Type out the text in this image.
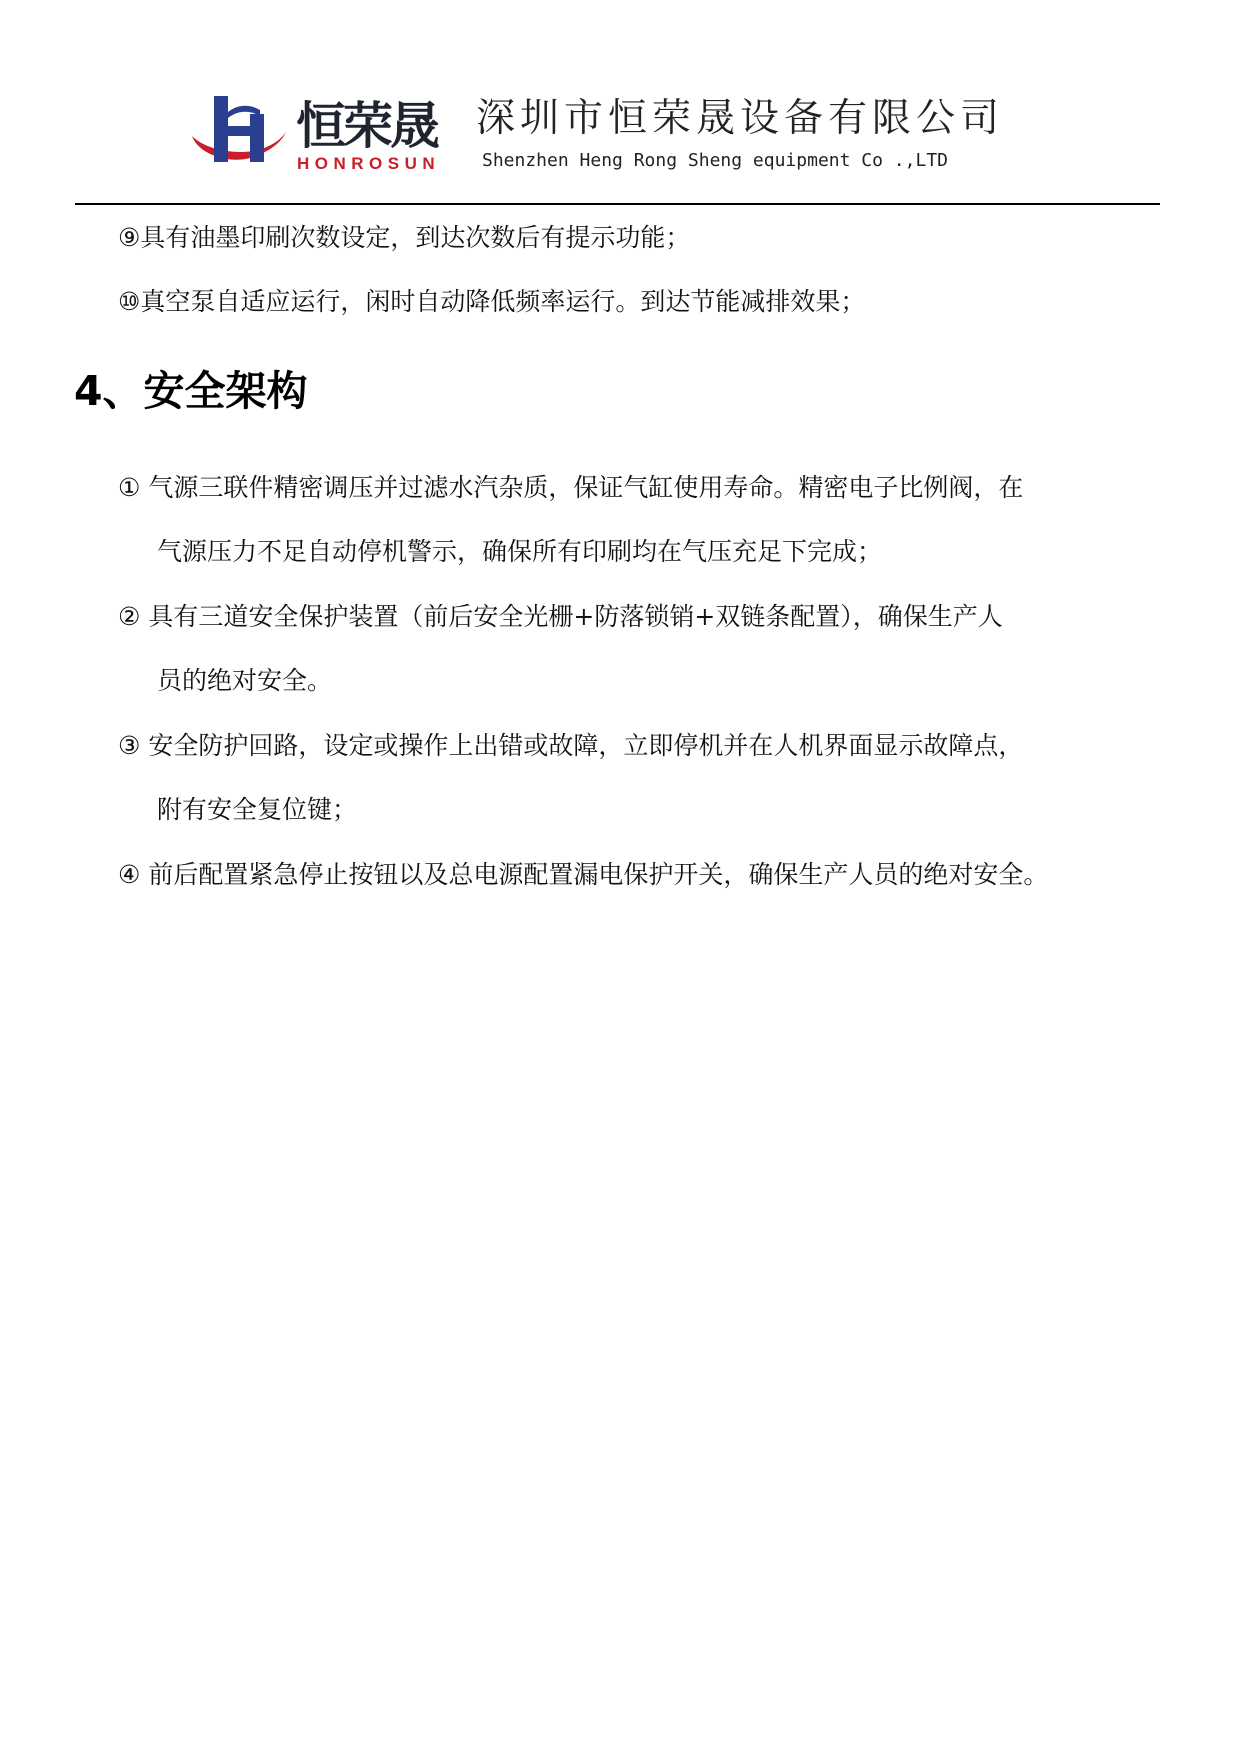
恒荣晟
HONROSUN
深圳市恒荣晟设备有限公司
Shenzhen Heng Rong Sheng equipment Co .,LTD
⑨具有油墨印刷次数设定，到达次数后有提示功能；
⑩真空泵自适应运行，闲时自动降低频率运行。到达节能减排效果；
4、安全架构
① 气源三联件精密调压并过滤水汽杂质，保证气缸使用寿命。精密电子比例阀，在
气源压力不足自动停机警示，确保所有印刷均在气压充足下完成；
② 具有三道安全保护装置（前后安全光栅+防落锁销+双链条配置），确保生产人
员的绝对安全。
③ 安全防护回路，设定或操作上出错或故障，立即停机并在人机界面显示故障点，
附有安全复位键；
④ 前后配置紧急停止按钮以及总电源配置漏电保护开关，确保生产人员的绝对安全。
